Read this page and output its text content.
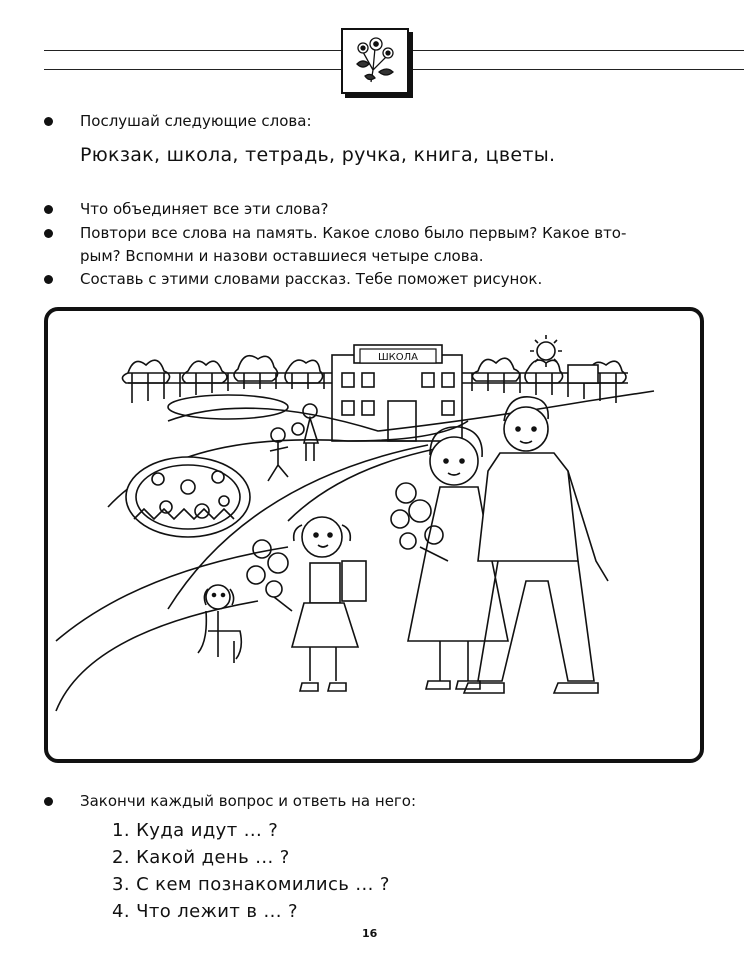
Послушай следующие слова:
Рюкзак, школа, тетрадь, ручка, книга, цветы.
Что объединяет все эти слова?
Повтори все слова на память. Какое слово было первым? Какое вто-
рым? Вспомни и назови оставшиеся четыре слова.
Составь с этими словами рассказ. Тебе поможет рисунок.
ШКОЛА
Закончи каждый вопрос и ответь на него:
1. Куда идут ... ?
2. Какой день ... ?
3. С кем познакомились ... ?
4. Что лежит в ... ?
16
